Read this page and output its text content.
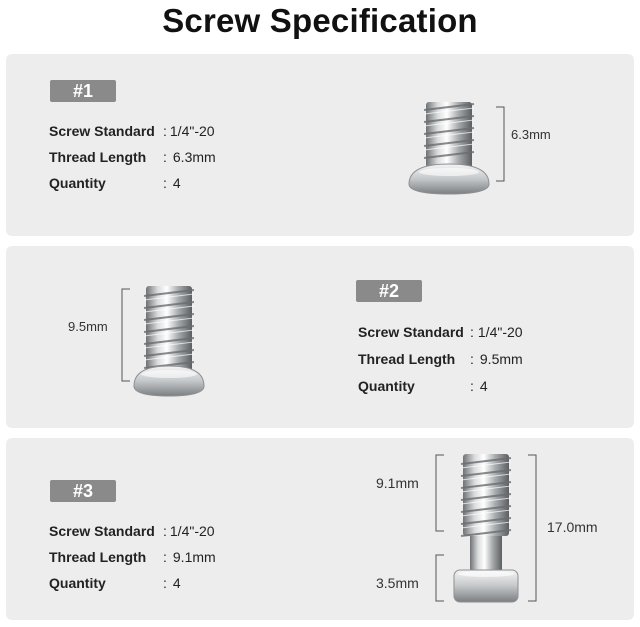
Screw Specification
#1
Screw Standard : 1/4"-20
Thread Length : 6.3mm
Quantity	: 4
6.3mm
9.5mm
#2
Screw Standard : 1/4"-20
Thread Length : 9.5mm
Quantity	: 4
#3
Screw Standard : 1/4"-20
Thread Length : 9.1mm
Quantity	: 4
9.1mm
3.5mm
17.0mm
